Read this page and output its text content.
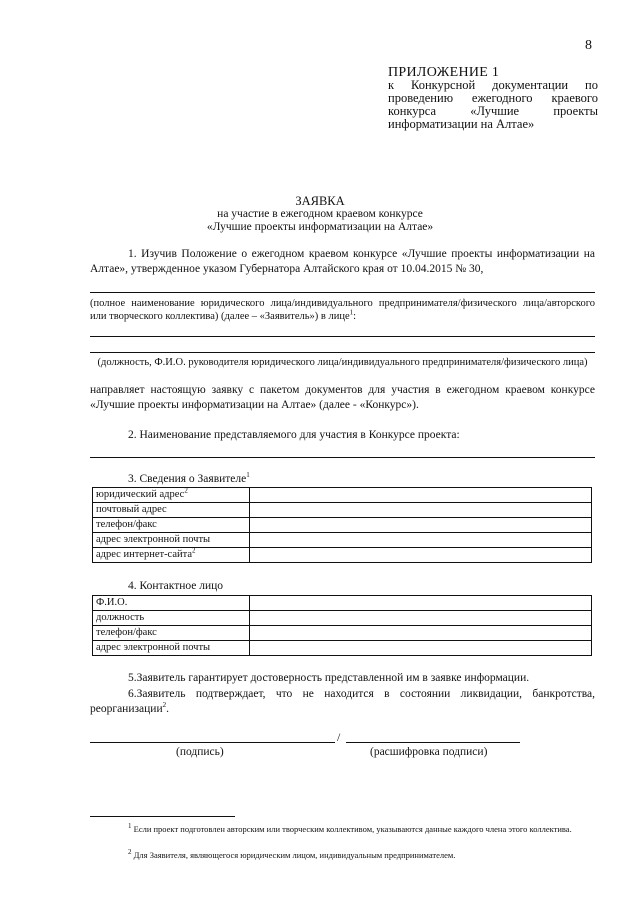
8
ПРИЛОЖЕНИЕ 1
к Конкурсной документации по проведению ежегодного краевого конкурса «Лучшие проекты информатизации на Алтае»
ЗАЯВКА
на участие в ежегодном краевом конкурсе
«Лучшие проекты информатизации на Алтае»
1. Изучив Положение о ежегодном краевом конкурсе «Лучшие проекты информатизации на Алтае», утвержденное указом Губернатора Алтайского края от 10.04.2015 № 30,
(полное наименование юридического лица/индивидуального предпринимателя/физического лица/авторского или творческого коллектива) (далее – «Заявитель») в лице$^1$:
(должность, Ф.И.О. руководителя юридического лица/индивидуального предпринимателя/физического лица)
направляет настоящую заявку с пакетом документов для участия в ежегодном краевом конкурсе «Лучшие проекты информатизации на Алтае» (далее - «Конкурс»).
2. Наименование представляемого для участия в Конкурсе проекта:
3. Сведения о Заявителе$^1$
юридический адрес$^2$	
почтовый адрес	
телефон/факс	
адрес электронной почты	
адрес интернет-сайта$^2$	
4. Контактное лицо
Ф.И.О.	
должность	
телефон/факс	
адрес электронной почты	
5.Заявитель гарантирует достоверность представленной им в заявке информации.
6.Заявитель подтверждает, что не находится в состоянии ликвидации, банкротства, реорганизации$^2$.
/
(подпись)	(расшифровка подписи)
$^1$ Если проект подготовлен авторским или творческим коллективом, указываются данные каждого члена этого коллектива.
$^2$ Для Заявителя, являющегося юридическим лицом, индивидуальным предпринимателем.
